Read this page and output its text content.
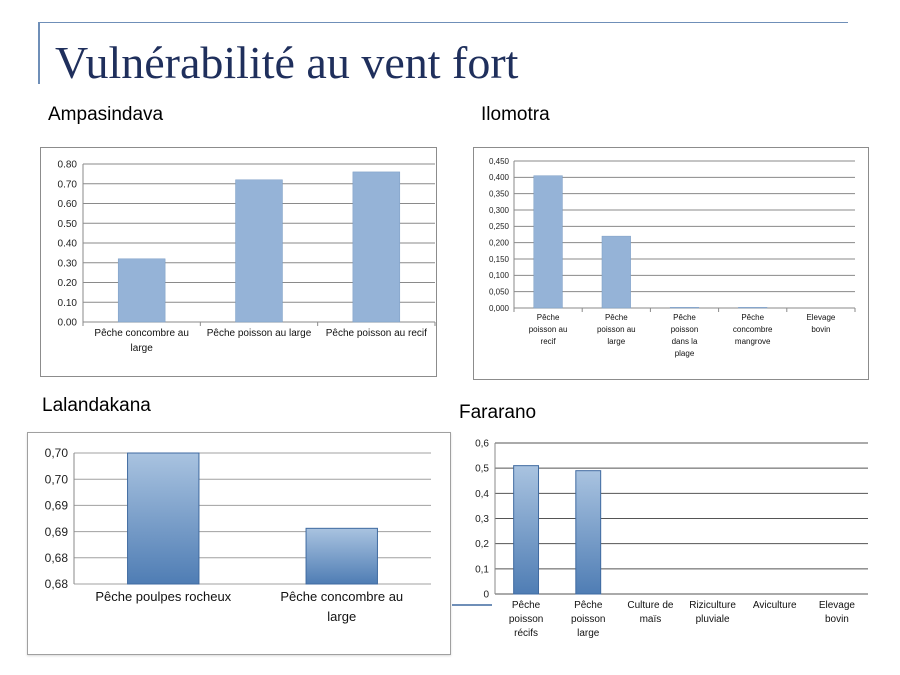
Vulnérabilité au vent fort
Ampasindava	Ilomotra
Lalandakana	Fararano
0.00
0.10
0.20
0.30
0.40
0.50
0.60
0.70
0.80
Pêche concombre au
large
Pêche poisson au large Pêche poisson au recif
0,000
0,050
0,100
0,150
0,200
0,250
0,300
0,350
0,400
0,450
Pêche
poisson au
recif
Pêche
poisson au
large
Pêche
poisson
dans la
plage
Pêche
concombre
mangrove
Elevage
bovin
0,68
0,68
0,69
0,69
0,70
0,70
Pêche poulpes rocheux	Pêche concombre au
large
0
0,1
0,2
0,3
0,4
0,5
0,6
Pêche
poisson
récifs
Pêche
poisson
large
Culture de
maïs
Riziculture
pluviale
Aviculture Elevage
bovin
